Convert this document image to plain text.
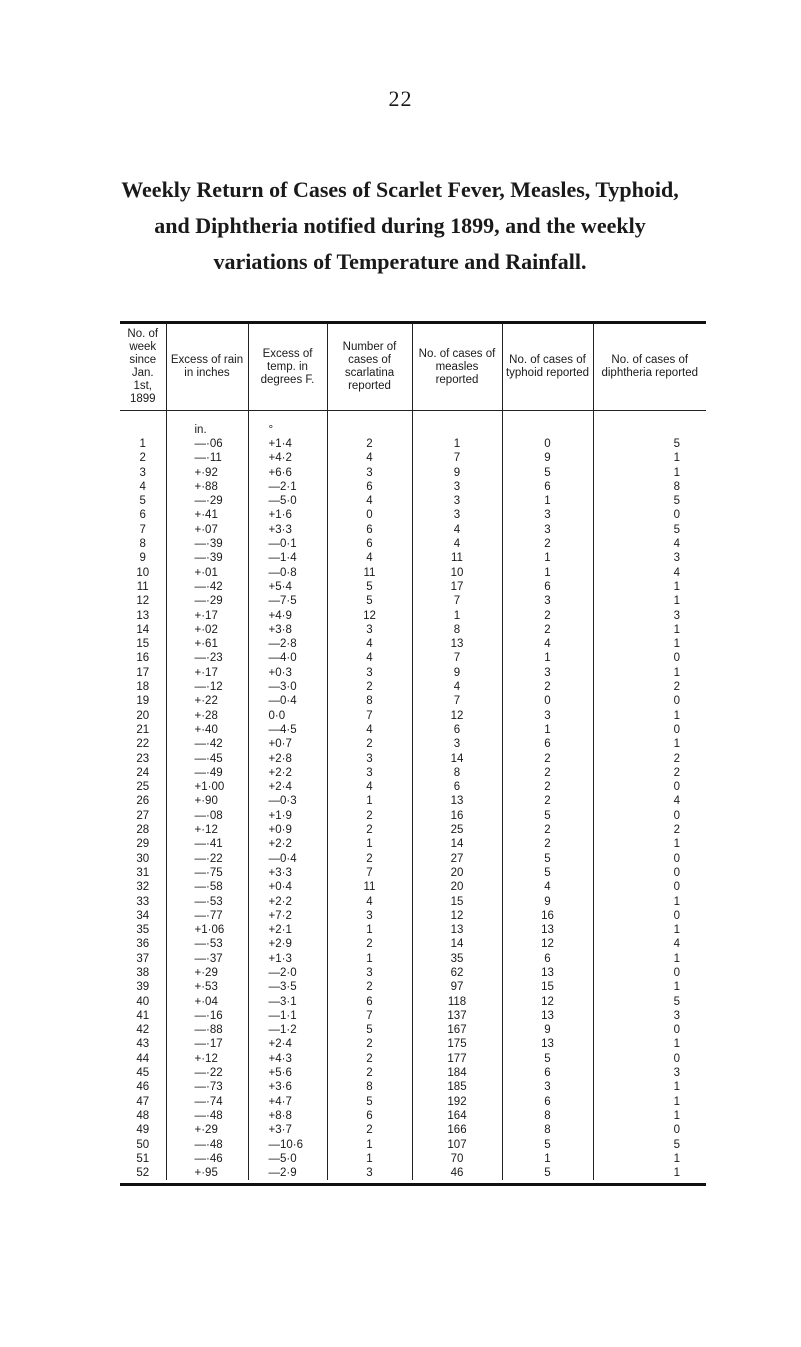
22
Weekly Return of Cases of Scarlet Fever, Measles, Typhoid,
and Diphtheria notified during 1899, and the weekly
variations of Temperature and Rainfall.
No. of week since Jan. 1st, 1899	Excess of rain in inches	Excess of temp. in degrees F.	Number of cases of scarlatina reported	No. of cases of measles reported	No. of cases of typhoid reported	No. of cases of diphtheria reported
	in.	°				
1	—·06	+1·4	2	1	0	5
2	—·11	+4·2	4	7	9	1
3	+·92	+6·6	3	9	5	1
4	+·88	—2·1	6	3	6	8
5	—·29	—5·0	4	3	1	5
6	+·41	+1·6	0	3	3	0
7	+·07	+3·3	6	4	3	5
8	—·39	—0·1	6	4	2	4
9	—·39	—1·4	4	11	1	3
10	+·01	—0·8	11	10	1	4
11	—·42	+5·4	5	17	6	1
12	—·29	—7·5	5	7	3	1
13	+·17	+4·9	12	1	2	3
14	+·02	+3·8	3	8	2	1
15	+·61	—2·8	4	13	4	1
16	—·23	—4·0	4	7	1	0
17	+·17	+0·3	3	9	3	1
18	—·12	—3·0	2	4	2	2
19	+·22	—0·4	8	7	0	0
20	+·28	0·0	7	12	3	1
21	+·40	—4·5	4	6	1	0
22	—·42	+0·7	2	3	6	1
23	—·45	+2·8	3	14	2	2
24	—·49	+2·2	3	8	2	2
25	+1·00	+2·4	4	6	2	0
26	+·90	—0·3	1	13	2	4
27	—·08	+1·9	2	16	5	0
28	+·12	+0·9	2	25	2	2
29	—·41	+2·2	1	14	2	1
30	—·22	—0·4	2	27	5	0
31	—·75	+3·3	7	20	5	0
32	—·58	+0·4	11	20	4	0
33	—·53	+2·2	4	15	9	1
34	—·77	+7·2	3	12	16	0
35	+1·06	+2·1	1	13	13	1
36	—·53	+2·9	2	14	12	4
37	—·37	+1·3	1	35	6	1
38	+·29	—2·0	3	62	13	0
39	+·53	—3·5	2	97	15	1
40	+·04	—3·1	6	118	12	5
41	—·16	—1·1	7	137	13	3
42	—·88	—1·2	5	167	9	0
43	—·17	+2·4	2	175	13	1
44	+·12	+4·3	2	177	5	0
45	—·22	+5·6	2	184	6	3
46	—·73	+3·6	8	185	3	1
47	—·74	+4·7	5	192	6	1
48	—·48	+8·8	6	164	8	1
49	+·29	+3·7	2	166	8	0
50	—·48	—10·6	1	107	5	5
51	—·46	—5·0	1	70	1	1
52	+·95	—2·9	3	46	5	1
